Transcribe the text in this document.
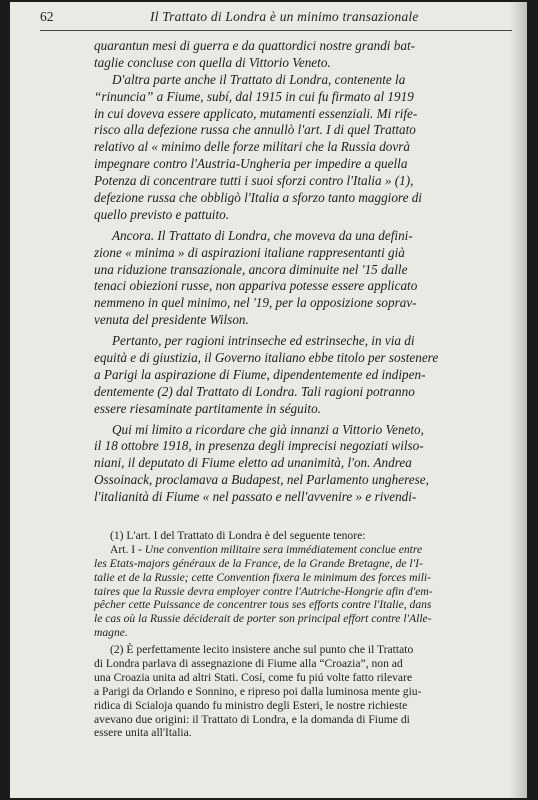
62	Il Trattato di Londra è un minimo transazionale
quarantun mesi di guerra e da quattordici nostre grandi bat-
taglie concluse con quella di Vittorio Veneto.
D'altra parte anche il Trattato di Londra, contenente la
“rinuncia” a Fiume, subí, dal 1915 in cui fu firmato al 1919
in cui doveva essere applicato, mutamenti essenziali. Mi rife-
risco alla defezione russa che annullò l'art. I di quel Trattato
relativo al « minimo delle forze militari che la Russia dovrà
impegnare contro l'Austria-Ungheria per impedire a quella
Potenza di concentrare tutti i suoi sforzi contro l'Italia » (1),
defezione russa che obbligò l'Italia a sforzo tanto maggiore di
quello previsto e pattuito.
Ancora. Il Trattato di Londra, che moveva da una defini-
zione « minima » di aspirazioni italiane rappresentanti già
una riduzione transazionale, ancora diminuite nel '15 dalle
tenaci obiezioni russe, non appariva potesse essere applicato
nemmeno in quel minimo, nel '19, per la opposizione soprav-
venuta del presidente Wilson.
Pertanto, per ragioni intrinseche ed estrinseche, in via di
equità e di giustizia, il Governo italiano ebbe titolo per sostenere
a Parigi la aspirazione di Fiume, dipendentemente ed indipen-
dentemente (2) dal Trattato di Londra. Tali ragioni potranno
essere riesaminate partitamente in séguito.
Qui mi limito a ricordare che già innanzi a Vittorio Veneto,
il 18 ottobre 1918, in presenza degli imprecisi negoziati wilso-
niani, il deputato di Fiume eletto ad unanimità, l'on. Andrea
Ossoinack, proclamava a Budapest, nel Parlamento ungherese,
l'italianità di Fiume « nel passato e nell'avvenire » e rivendi-
(1) L'art. I del Trattato di Londra è del seguente tenore:
Art. I - Une convention militaire sera immédiatement conclue entre
les Etats-majors généraux de la France, de la Grande Bretagne, de l'I-
talie et de la Russie; cette Convention fixera le minimum des forces mili-
taires que la Russie devra employer contre l'Autriche-Hongrie afin d'em-
pêcher cette Puissance de concentrer tous ses efforts contre l'Italie, dans
le cas où la Russie déciderait de porter son principal effort contre l'Alle-
magne.
(2) È perfettamente lecito insistere anche sul punto che il Trattato
di Londra parlava di assegnazione di Fiume alla “Croazia”, non ad
una Croazia unita ad altri Stati. Cosí, come fu piú volte fatto rilevare
a Parigi da Orlando e Sonnino, e ripreso poi dalla luminosa mente giu-
ridica di Scialoja quando fu ministro degli Esteri, le nostre richieste
avevano due origini: il Trattato di Londra, e la domanda di Fiume di
essere unita all'Italia.
